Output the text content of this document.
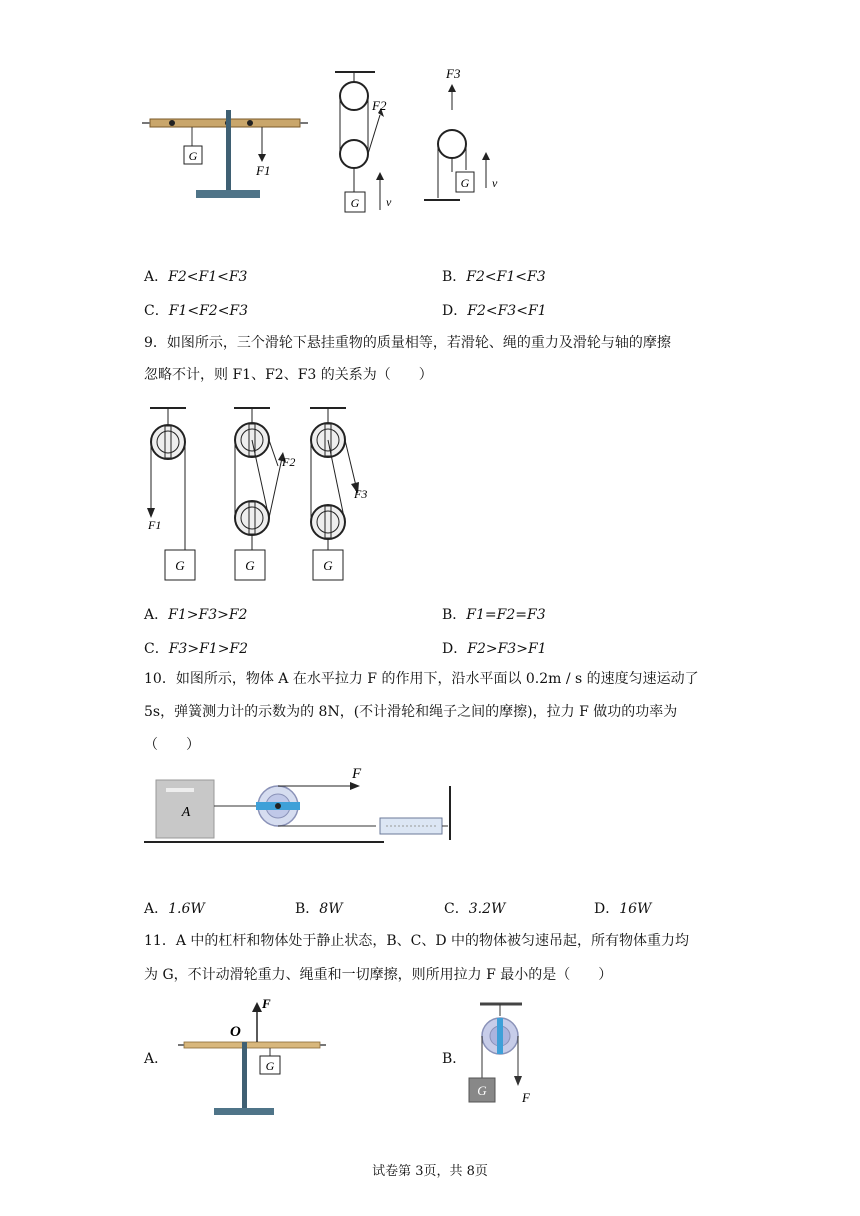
G
F1
F2
G v
F3
G v
A．F2<F1<F3	B．F2<F1<F3
C．F1<F2<F3	D．F2<F3<F1
9．如图所示，三个滑轮下悬挂重物的质量相等，若滑轮、绳的重力及滑轮与轴的摩擦
忽略不计，则 F1、F2、F3 的关系为（　　）
F1
G
F2
G
F3
G
A．F1>F3>F2	B．F1=F2=F3
C．F3>F1>F2	D．F2>F3>F1
10．如图所示，物体 A 在水平拉力 F 的作用下，沿水平面以 0.2m / s 的速度匀速运动了
5s，弹簧测力计的示数为的 8N，(不计滑轮和绳子之间的摩擦)，拉力 F 做功的功率为
（　　）
A
F
A．1.6W	B．8W	C．3.2W	D．16W
11．A 中的杠杆和物体处于静止状态，B、C、D 中的物体被匀速吊起，所有物体重力均
为 G，不计动滑轮重力、绳重和一切摩擦，则所用拉力 F 最小的是（　　）
A．
O
F
G	B．
G	F
试卷第 3页，共 8页
